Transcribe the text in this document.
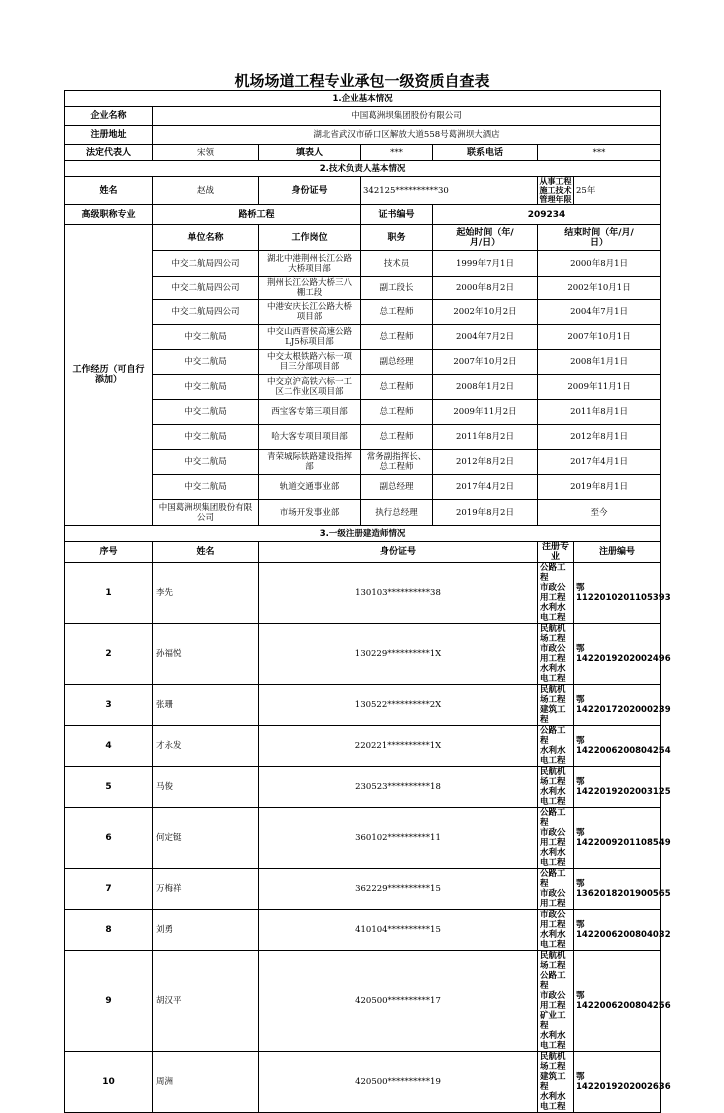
机场场道工程专业承包一级资质自查表
1.企业基本情况						
企业名称	中国葛洲坝集团股份有限公司					
注册地址	湖北省武汉市硚口区解放大道558号葛洲坝大酒店					
法定代表人	宋领	填表人	***	联系电话	***	
2.技术负责人基本情况						
姓名	赵战	身份证号	342125**********30		从事工程施工技术管理年限	25年
高级职称专业	路桥工程		证书编号	209234		
工作经历（可自行添加）	单位名称	工作岗位	职务	起始时间（年/月/日）	结束时间（年/月/日）	
	中交二航局四公司	湖北中港荆州长江公路大桥项目部	技术员	1999年7月1日	2000年8月1日	
	中交二航局四公司	荆州长江公路大桥三八棚工段	副工段长	2000年8月2日	2002年10月1日	
	中交二航局四公司	中港安庆长江公路大桥项目部	总工程师	2002年10月2日	2004年7月1日	
	中交二航局	中交山西晋侯高速公路LJ5标项目部	总工程师	2004年7月2日	2007年10月1日	
	中交二航局	中交太根铁路六标一项目三分部项目部	副总经理	2007年10月2日	2008年1月1日	
	中交二航局	中交京沪高铁六标一工区二作业区项目部	总工程师	2008年1月2日	2009年11月1日	
	中交二航局	西宝客专第三项目部	总工程师	2009年11月2日	2011年8月1日	
	中交二航局	哈大客专项目项目部	总工程师	2011年8月2日	2012年8月1日	
	中交二航局	青荣城际铁路建设指挥部	常务副指挥长、总工程师	2012年8月2日	2017年4月1日	
	中交二航局	轨道交通事业部	副总经理	2017年4月2日	2019年8月1日	
	中国葛洲坝集团股份有限公司	市场开发事业部	执行总经理	2019年8月2日	至今	
3.一级注册建造师情况						
序号	姓名	身份证号			注册专业	注册编号
1	李先	130103**********38			公路工程
市政公用工程
水利水电工程	鄂1122010201105393
2	孙福悦	130229**********1X			民航机场工程
市政公用工程
水利水电工程	鄂1422019202002496
3	张珊	130522**********2X			民航机场工程
建筑工程	鄂1422017202000239
4	才永发	220221**********1X			公路工程
水利水电工程	鄂1422006200804254
5	马俊	230523**********18			民航机场工程
水利水电工程	鄂1422019202003125
6	何定铤	360102**********11			公路工程
市政公用工程
水利水电工程	鄂1422009201108549
7	万梅祥	362229**********15			公路工程
市政公用工程	鄂1362018201900565
8	刘勇	410104**********15			市政公用工程
水利水电工程	鄂1422006200804032
9	胡汉平	420500**********17			民航机场工程
公路工程
市政公用工程
矿业工程
水利水电工程	鄂1422006200804256
10	周洲	420500**********19			民航机场工程
建筑工程
水利水电工程	鄂1422019202002636
